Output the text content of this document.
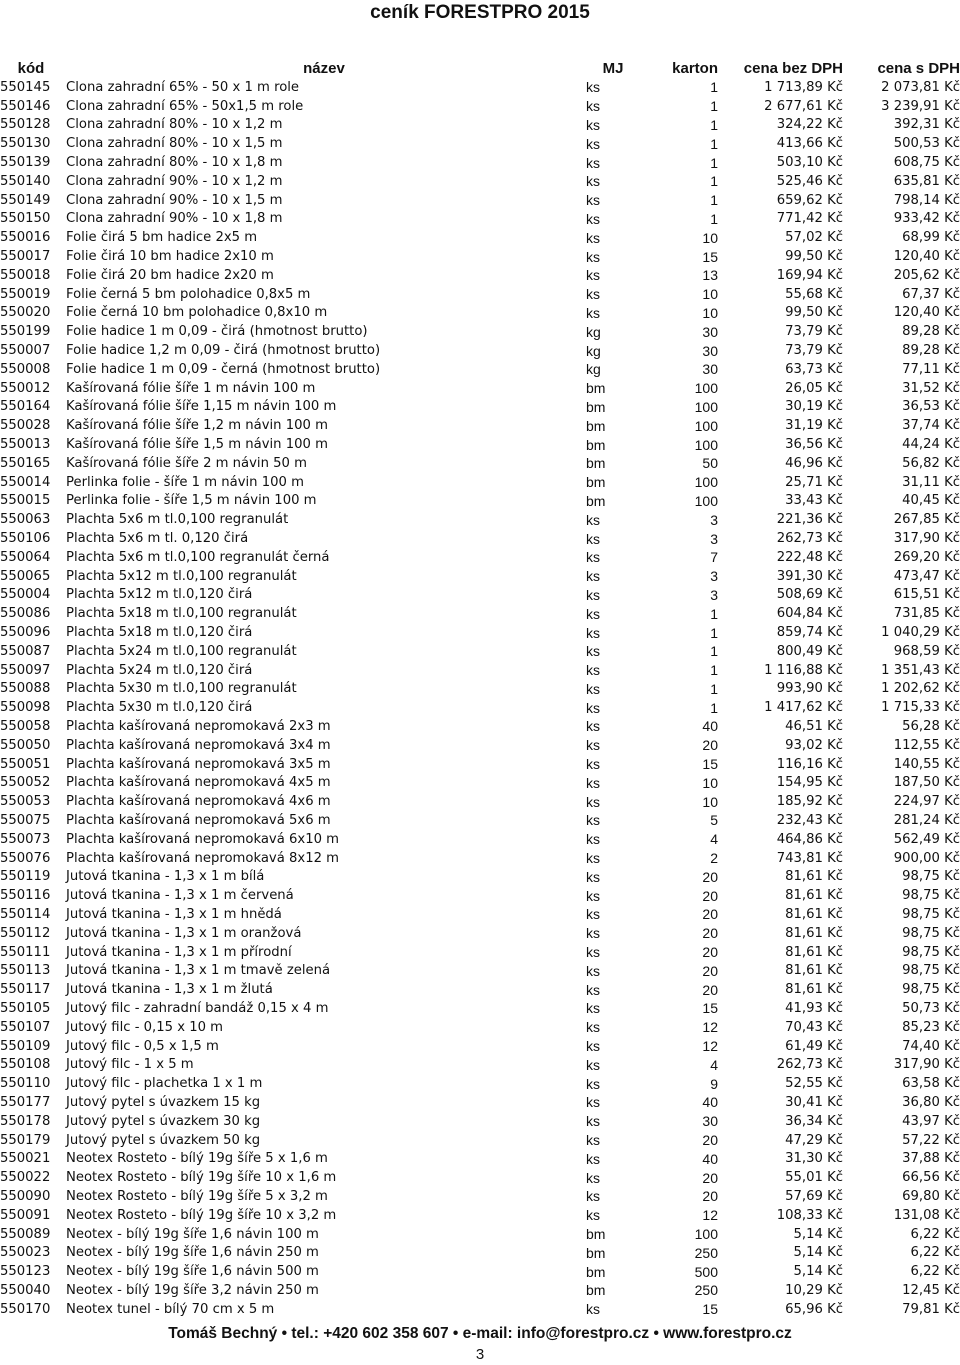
ceník FORESTPRO 2015
kód	název	MJ	karton	cena bez DPH	cena s DPH
550145	Clona zahradní 65% - 50 x 1 m role	ks	1	1 713,89 Kč	2 073,81 Kč
550146	Clona zahradní 65% - 50x1,5 m role	ks	1	2 677,61 Kč	3 239,91 Kč
550128	Clona zahradní 80% - 10 x 1,2 m	ks	1	324,22 Kč	392,31 Kč
550130	Clona zahradní 80% - 10 x 1,5 m	ks	1	413,66 Kč	500,53 Kč
550139	Clona zahradní 80% - 10 x 1,8 m	ks	1	503,10 Kč	608,75 Kč
550140	Clona zahradní 90% - 10 x 1,2 m	ks	1	525,46 Kč	635,81 Kč
550149	Clona zahradní 90% - 10 x 1,5 m	ks	1	659,62 Kč	798,14 Kč
550150	Clona zahradní 90% - 10 x 1,8 m	ks	1	771,42 Kč	933,42 Kč
550016	Folie čirá 5 bm hadice 2x5 m	ks	10	57,02 Kč	68,99 Kč
550017	Folie čirá 10 bm hadice 2x10 m	ks	15	99,50 Kč	120,40 Kč
550018	Folie čirá 20 bm hadice 2x20 m	ks	13	169,94 Kč	205,62 Kč
550019	Folie černá 5 bm polohadice 0,8x5 m	ks	10	55,68 Kč	67,37 Kč
550020	Folie černá 10 bm polohadice 0,8x10 m	ks	10	99,50 Kč	120,40 Kč
550199	Folie hadice 1 m 0,09 - čirá (hmotnost brutto)	kg	30	73,79 Kč	89,28 Kč
550007	Folie hadice 1,2 m 0,09 - čirá (hmotnost brutto)	kg	30	73,79 Kč	89,28 Kč
550008	Folie hadice 1 m 0,09 - černá (hmotnost brutto)	kg	30	63,73 Kč	77,11 Kč
550012	Kašírovaná fólie šíře 1 m návin 100 m	bm	100	26,05 Kč	31,52 Kč
550164	Kašírovaná fólie šíře 1,15 m návin 100 m	bm	100	30,19 Kč	36,53 Kč
550028	Kašírovaná fólie šíře 1,2 m návin 100 m	bm	100	31,19 Kč	37,74 Kč
550013	Kašírovaná fólie šíře 1,5 m návin 100 m	bm	100	36,56 Kč	44,24 Kč
550165	Kašírovaná fólie šíře 2 m návin 50 m	bm	50	46,96 Kč	56,82 Kč
550014	Perlinka folie - šíře 1 m návin 100 m	bm	100	25,71 Kč	31,11 Kč
550015	Perlinka folie - šíře 1,5 m návin 100 m	bm	100	33,43 Kč	40,45 Kč
550063	Plachta 5x6 m tl.0,100 regranulát	ks	3	221,36 Kč	267,85 Kč
550106	Plachta 5x6 m tl. 0,120 čirá	ks	3	262,73 Kč	317,90 Kč
550064	Plachta 5x6 m tl.0,100 regranulát černá	ks	7	222,48 Kč	269,20 Kč
550065	Plachta 5x12 m tl.0,100 regranulát	ks	3	391,30 Kč	473,47 Kč
550004	Plachta 5x12 m tl.0,120 čirá	ks	3	508,69 Kč	615,51 Kč
550086	Plachta 5x18 m tl.0,100 regranulát	ks	1	604,84 Kč	731,85 Kč
550096	Plachta 5x18 m tl.0,120 čirá	ks	1	859,74 Kč	1 040,29 Kč
550087	Plachta 5x24 m tl.0,100 regranulát	ks	1	800,49 Kč	968,59 Kč
550097	Plachta 5x24 m tl.0,120 čirá	ks	1	1 116,88 Kč	1 351,43 Kč
550088	Plachta 5x30 m tl.0,100 regranulát	ks	1	993,90 Kč	1 202,62 Kč
550098	Plachta 5x30 m tl.0,120 čirá	ks	1	1 417,62 Kč	1 715,33 Kč
550058	Plachta kašírovaná nepromokavá 2x3 m	ks	40	46,51 Kč	56,28 Kč
550050	Plachta kašírovaná nepromokavá 3x4 m	ks	20	93,02 Kč	112,55 Kč
550051	Plachta kašírovaná nepromokavá 3x5 m	ks	15	116,16 Kč	140,55 Kč
550052	Plachta kašírovaná nepromokavá 4x5 m	ks	10	154,95 Kč	187,50 Kč
550053	Plachta kašírovaná nepromokavá 4x6 m	ks	10	185,92 Kč	224,97 Kč
550075	Plachta kašírovaná nepromokavá 5x6 m	ks	5	232,43 Kč	281,24 Kč
550073	Plachta kašírovaná nepromokavá 6x10 m	ks	4	464,86 Kč	562,49 Kč
550076	Plachta kašírovaná nepromokavá 8x12 m	ks	2	743,81 Kč	900,00 Kč
550119	Jutová tkanina - 1,3 x 1 m bílá	ks	20	81,61 Kč	98,75 Kč
550116	Jutová tkanina - 1,3 x 1 m červená	ks	20	81,61 Kč	98,75 Kč
550114	Jutová tkanina - 1,3 x 1 m hnědá	ks	20	81,61 Kč	98,75 Kč
550112	Jutová tkanina - 1,3 x 1 m oranžová	ks	20	81,61 Kč	98,75 Kč
550111	Jutová tkanina - 1,3 x 1 m přírodní	ks	20	81,61 Kč	98,75 Kč
550113	Jutová tkanina - 1,3 x 1 m tmavě zelená	ks	20	81,61 Kč	98,75 Kč
550117	Jutová tkanina - 1,3 x 1 m žlutá	ks	20	81,61 Kč	98,75 Kč
550105	Jutový filc - zahradní bandáž 0,15 x 4 m	ks	15	41,93 Kč	50,73 Kč
550107	Jutový filc - 0,15 x 10 m	ks	12	70,43 Kč	85,23 Kč
550109	Jutový filc - 0,5 x 1,5 m	ks	12	61,49 Kč	74,40 Kč
550108	Jutový filc - 1 x 5 m	ks	4	262,73 Kč	317,90 Kč
550110	Jutový filc - plachetka 1 x 1 m	ks	9	52,55 Kč	63,58 Kč
550177	Jutový pytel s úvazkem 15 kg	ks	40	30,41 Kč	36,80 Kč
550178	Jutový pytel s úvazkem 30 kg	ks	30	36,34 Kč	43,97 Kč
550179	Jutový pytel s úvazkem 50 kg	ks	20	47,29 Kč	57,22 Kč
550021	Neotex Rosteto - bílý 19g šíře 5 x 1,6 m	ks	40	31,30 Kč	37,88 Kč
550022	Neotex Rosteto - bílý 19g šíře 10 x 1,6 m	ks	20	55,01 Kč	66,56 Kč
550090	Neotex Rosteto - bílý 19g šíře 5 x 3,2 m	ks	20	57,69 Kč	69,80 Kč
550091	Neotex Rosteto - bílý 19g šíře 10 x 3,2 m	ks	12	108,33 Kč	131,08 Kč
550089	Neotex - bílý 19g šíře 1,6 návin 100 m	bm	100	5,14 Kč	6,22 Kč
550023	Neotex - bílý 19g šíře 1,6 návin 250 m	bm	250	5,14 Kč	6,22 Kč
550123	Neotex - bílý 19g šíře 1,6 návin 500 m	bm	500	5,14 Kč	6,22 Kč
550040	Neotex - bílý 19g šíře 3,2 návin 250 m	bm	250	10,29 Kč	12,45 Kč
550170	Neotex tunel - bílý 70 cm x 5 m	ks	15	65,96 Kč	79,81 Kč
Tomáš Bechný • tel.: +420 602 358 607 • e-mail: info@forestpro.cz • www.forestpro.cz
3
